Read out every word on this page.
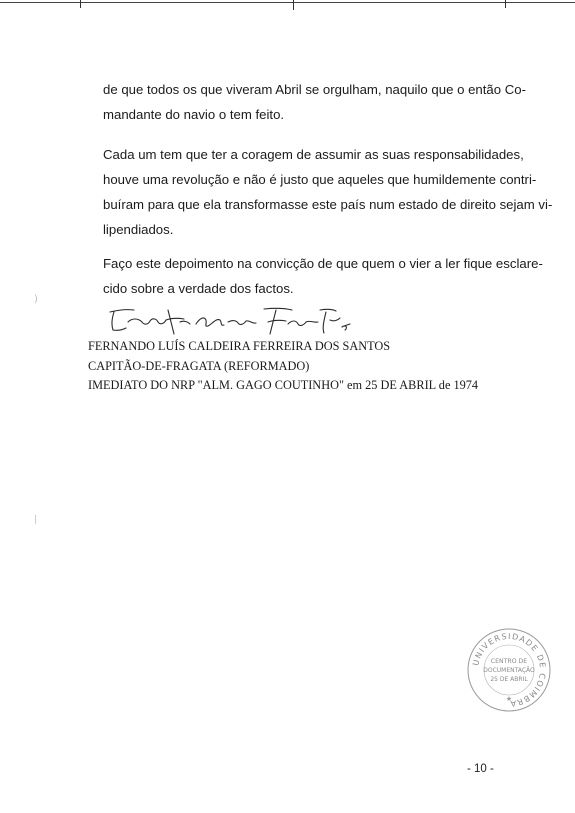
)

de que todos os que viveram Abril se orgulham, naquilo que o então Co-
mandante do navio o tem feito.

Cada um tem que ter a coragem de assumir as suas responsabilidades,
houve uma revolução e não é justo que aqueles que humildemente contri-
buíram para que ela transformasse este país num estado de direito sejam vi-
lipendiados.

Faço este depoimento na convicção de que quem o vier a ler fique esclare-
cido sobre a verdade dos factos.

FERNANDO LUÍS CALDEIRA FERREIRA DOS SANTOS
CAPITÃO-DE-FRAGATA (REFORMADO)
IMEDIATO DO NRP "ALM. GAGO COUTINHO" em 25 DE ABRIL de 1974
UNIVERSIDADE DE COIMBRA
CENTRO DE
DOCUMENTAÇÃO
25 DE ABRIL
★
- 10 -
